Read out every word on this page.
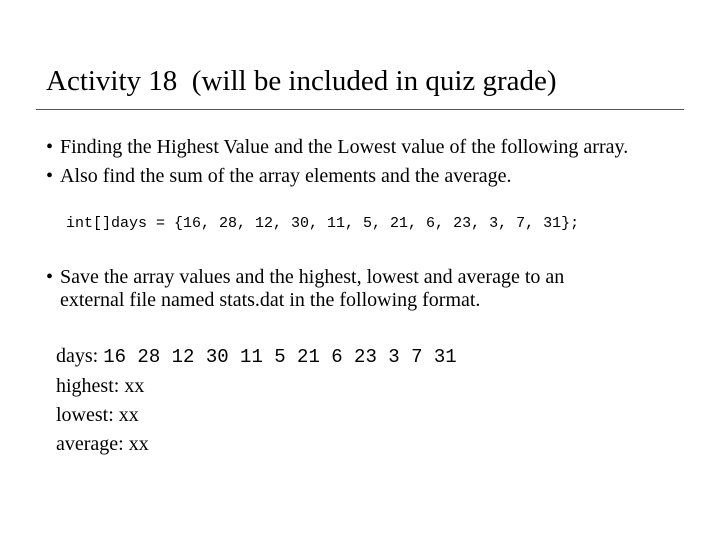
Activity 18  (will be included in quiz grade)
• Finding the Highest Value and the Lowest value of the following array.
• Also find the sum of the array elements and the average.
int[]days = {16, 28, 12, 30, 11, 5, 21, 6, 23, 3, 7, 31};
• Save the array values and the highest, lowest and average to an
external file named stats.dat in the following format.
days: 16 28 12 30 11 5 21 6 23 3 7 31
highest: xx
lowest: xx
average: xx
